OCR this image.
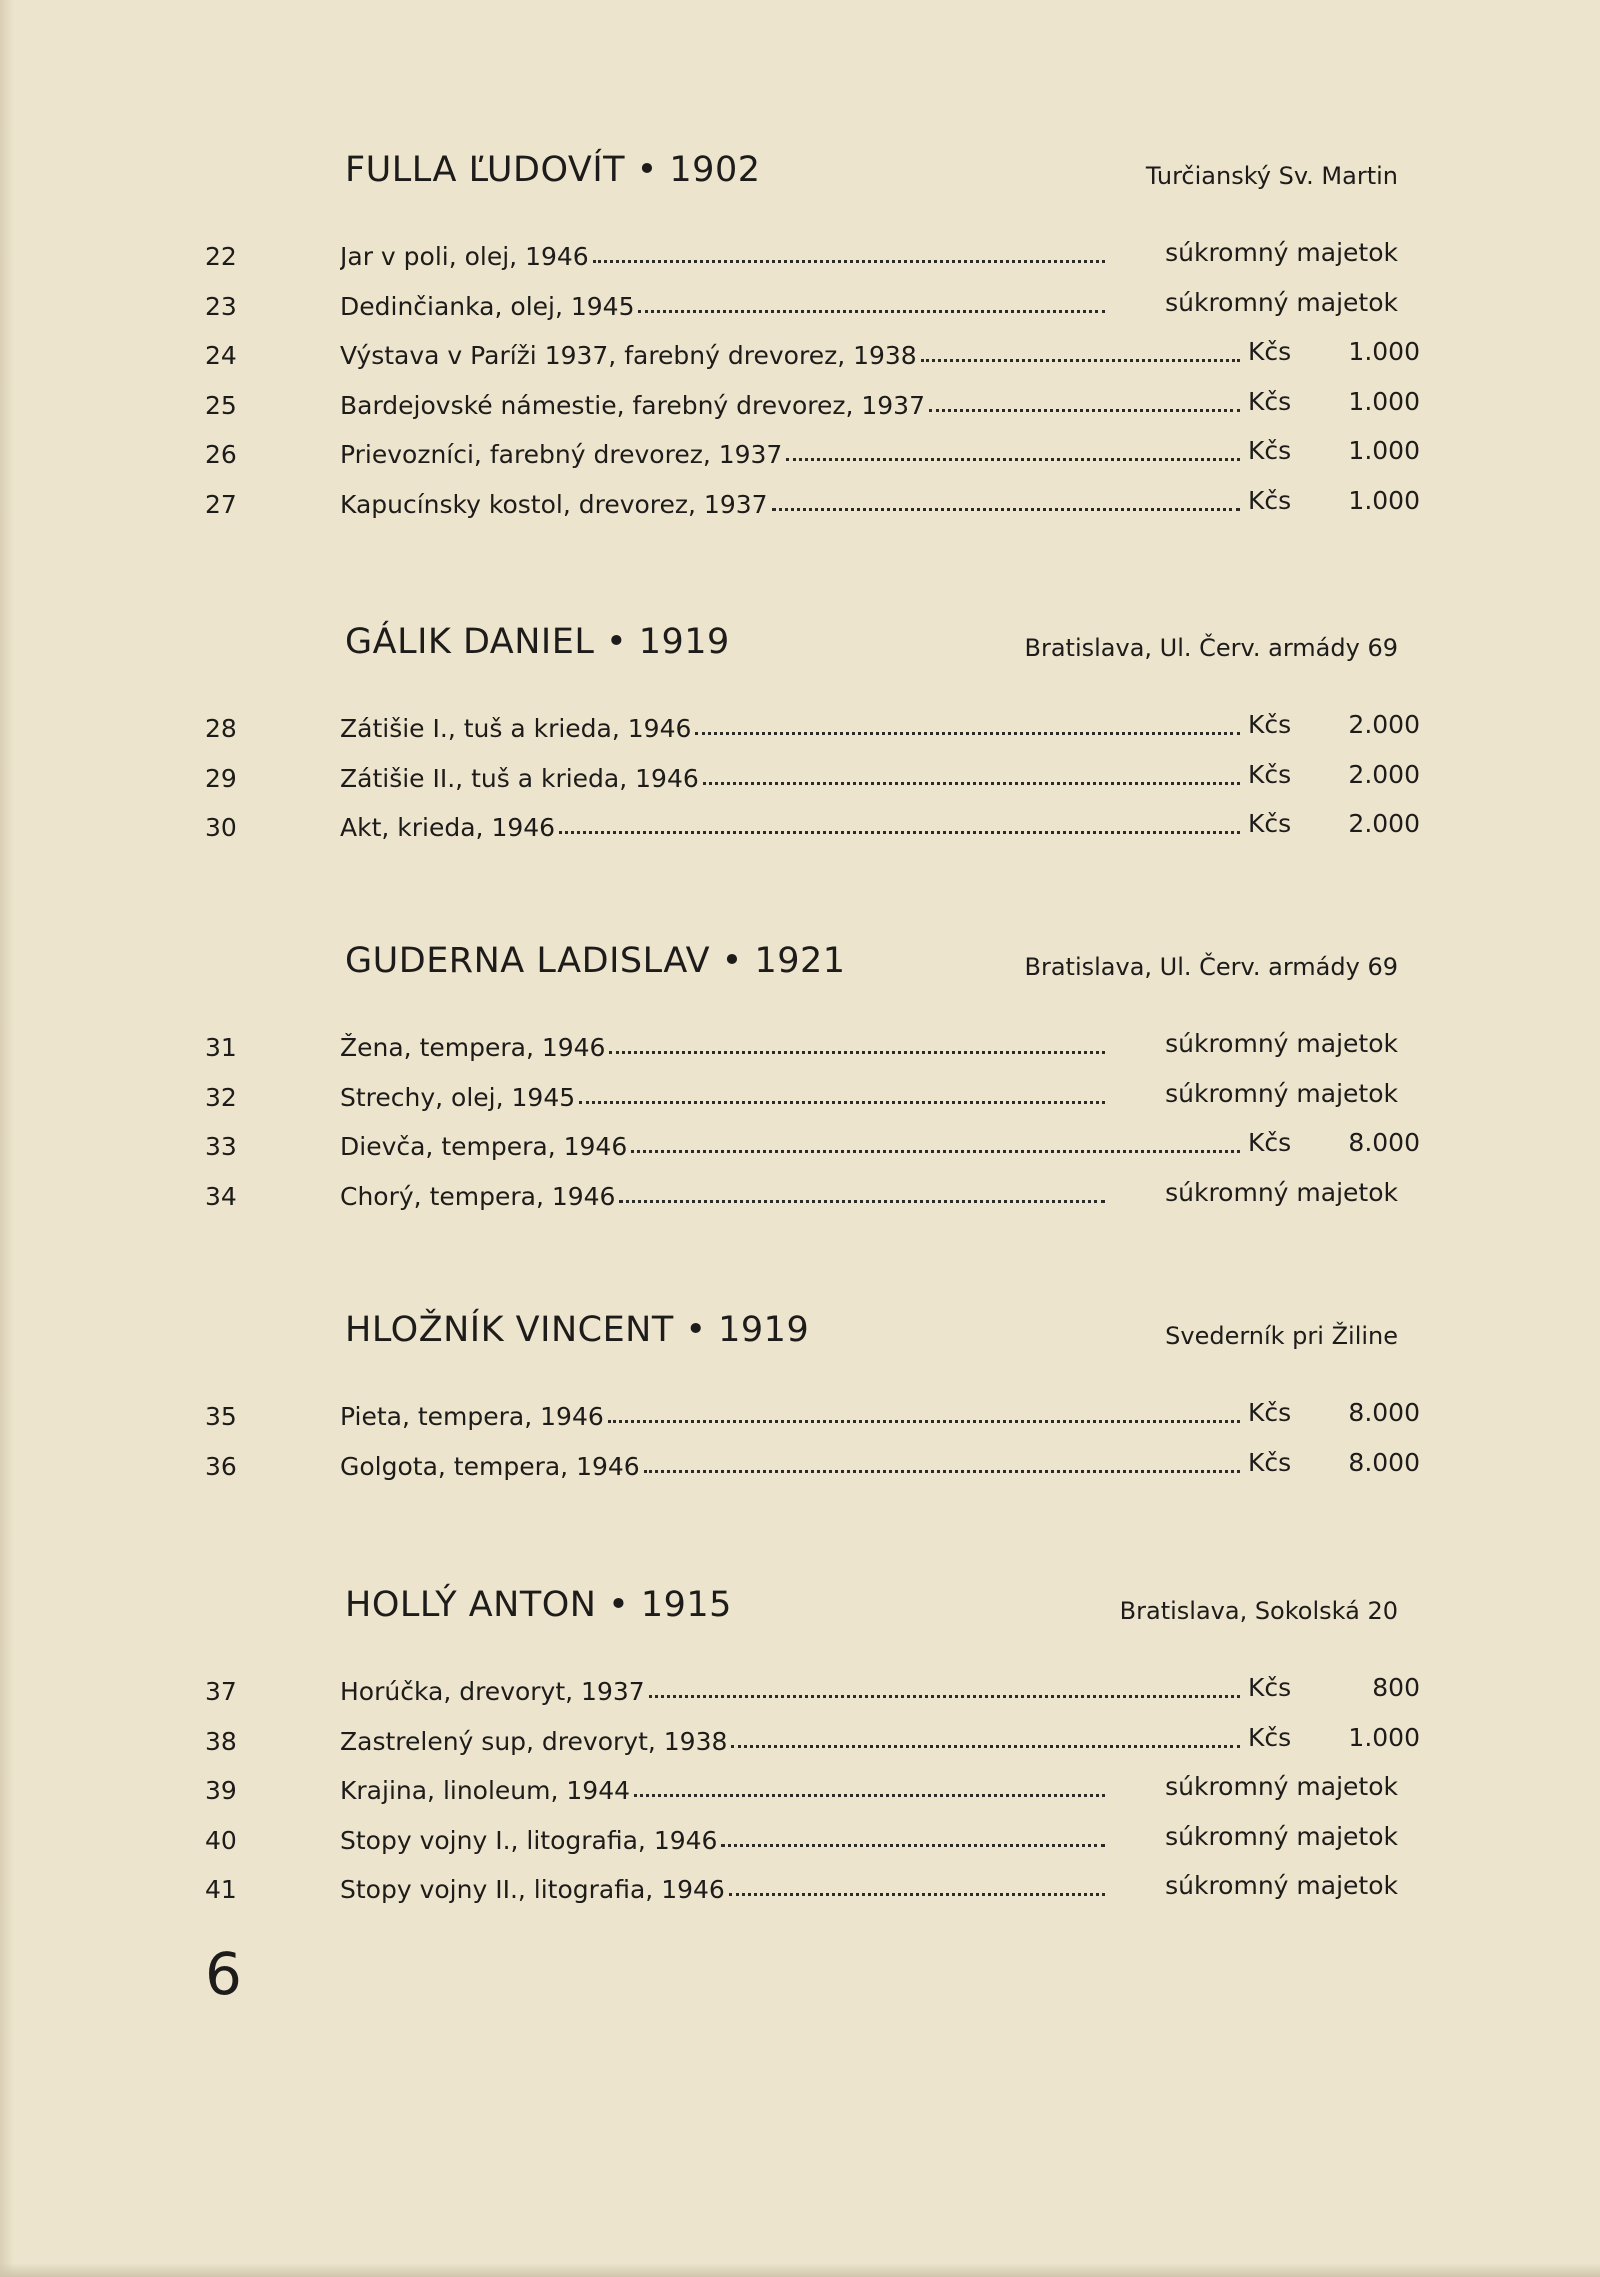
FULLA ĽUDOVÍT • 1902	Turčianský Sv. Martin
22	Jar v poli, olej, 1946	súkromný majetok
23	Dedinčianka, olej, 1945	súkromný majetok
24	Výstava v Paríži 1937, farebný drevorez, 1938	Kčs 1.000
25	Bardejovské námestie, farebný drevorez, 1937	Kčs 1.000
26	Prievozníci, farebný drevorez, 1937	Kčs 1.000
27	Kapucínsky kostol, drevorez, 1937	Kčs 1.000
GÁLIK DANIEL • 1919	Bratislava, Ul. Červ. armády 69
28	Zátišie I., tuš a krieda, 1946	Kčs 2.000
29	Zátišie II., tuš a krieda, 1946	Kčs 2.000
30	Akt, krieda, 1946	Kčs 2.000
GUDERNA LADISLAV • 1921	Bratislava, Ul. Červ. armády 69
31	Žena, tempera, 1946	súkromný majetok
32	Strechy, olej, 1945	súkromný majetok
33	Dievča, tempera, 1946	Kčs 8.000
34	Chorý, tempera, 1946	súkromný majetok
HLOŽNÍK VINCENT • 1919	Svederník pri Žiline
35	Pieta, tempera, 1946	Kčs 8.000
36	Golgota, tempera, 1946	Kčs 8.000
HOLLÝ ANTON • 1915	Bratislava, Sokolská 20
37	Horúčka, drevoryt, 1937	Kčs	800
38	Zastrelený sup, drevoryt, 1938	Kčs 1.000
39	Krajina, linoleum, 1944	súkromný majetok
40	Stopy vojny I., litografia, 1946	súkromný majetok
41	Stopy vojny II., litografia, 1946	súkromný majetok
6
